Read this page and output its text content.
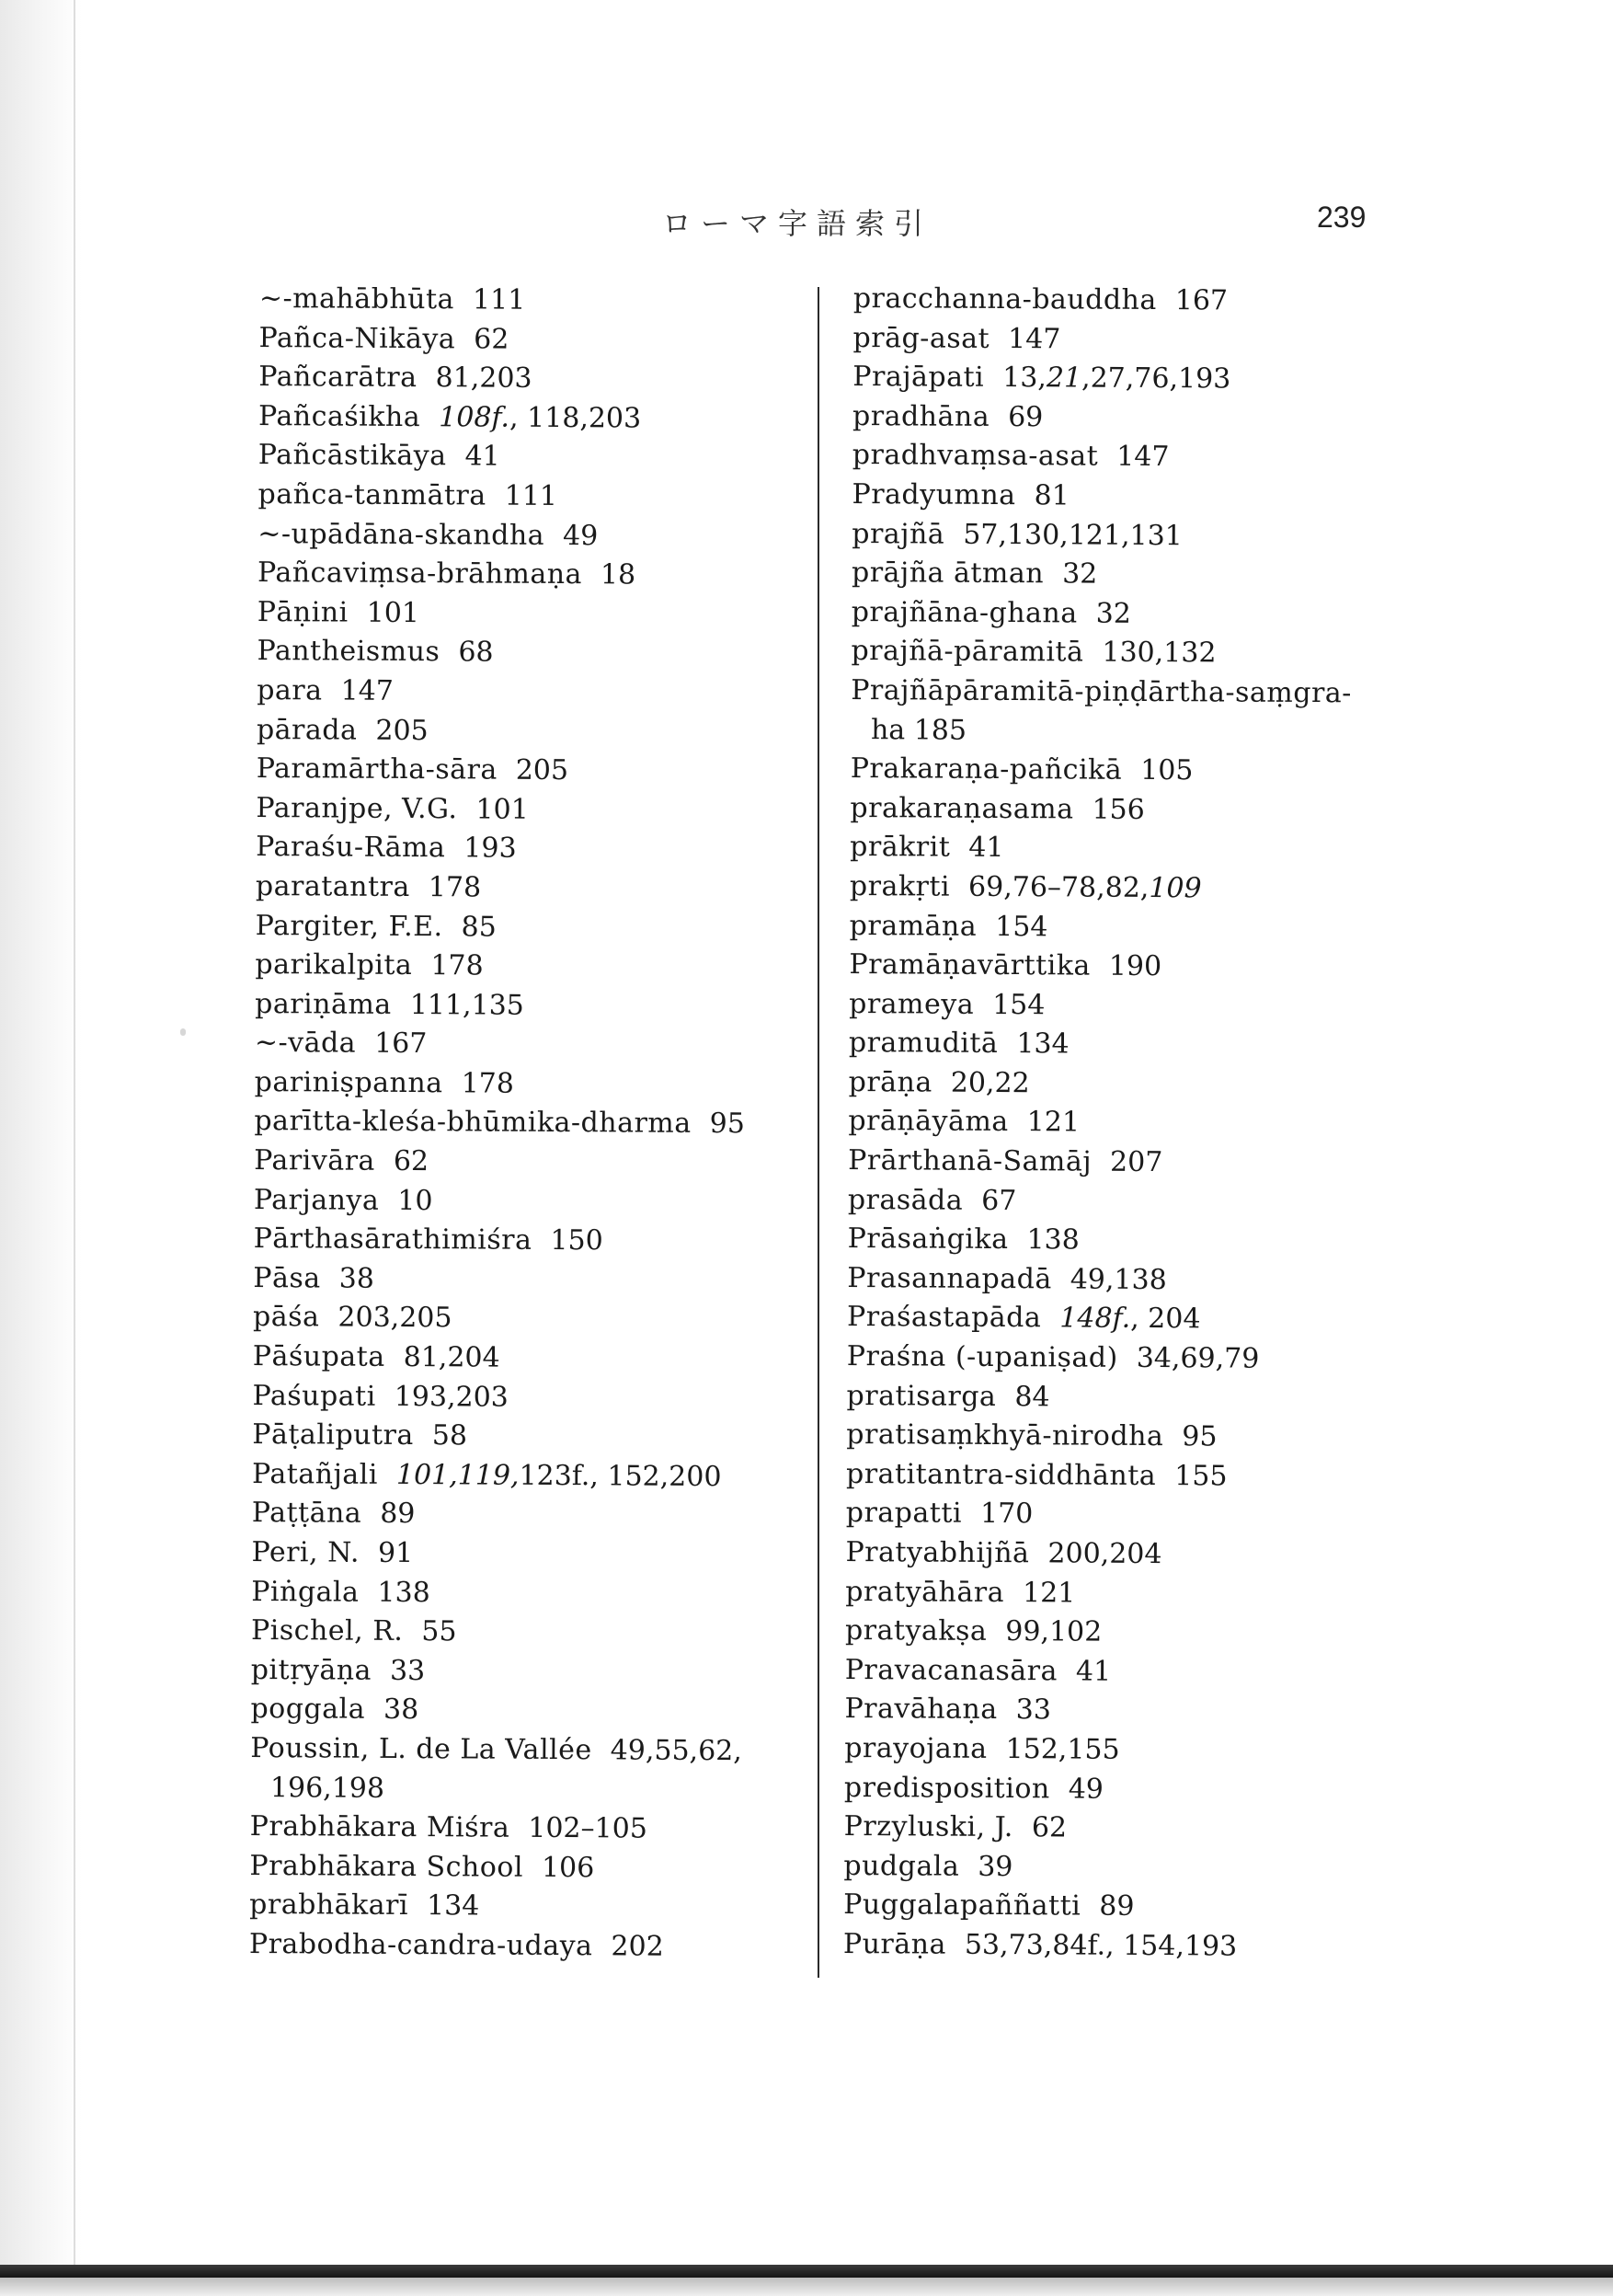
ローマ字語索引	239
~-mahābhūta 111
Pañca-Nikāya 62
Pañcarātra 81,203
Pañcaśikha 108f., 118,203
Pañcāstikāya 41
pañca-tanmātra 111
~-upādāna-skandha 49
Pañcaviṃsa-brāhmaṇa 18
Pāṇini 101
Pantheismus 68
para 147
pārada 205
Paramārtha-sāra 205
Paranjpe, V.G. 101
Paraśu-Rāma 193
paratantra 178
Pargiter, F.E. 85
parikalpita 178
pariṇāma 111,135
~-vāda 167
pariniṣpanna 178
parītta-kleśa-bhūmika-dharma 95
Parivāra 62
Parjanya 10
Pārthasārathimiśra 150
Pāsa 38
pāśa 203,205
Pāśupata 81,204
Paśupati 193,203
Pāṭaliputra 58
Patañjali 101,119,123f., 152,200
Paṭṭāna 89
Peri, N. 91
Piṅgala 138
Pischel, R. 55
pitṛyāṇa 33
poggala 38
Poussin, L. de La Vallée 49,55,62,
196,198
Prabhākara Miśra 102–105
Prabhākara School 106
prabhākarī 134
Prabodha-candra-udaya 202
pracchanna-bauddha 167
prāg-asat 147
Prajāpati 13,21,27,76,193
pradhāna 69
pradhvaṃsa-asat 147
Pradyumna 81
prajñā 57,130,121,131
prājña ātman 32
prajñāna-ghana 32
prajñā-pāramitā 130,132
Prajñāpāramitā-piṇḍārtha-saṃgra-
ha 185
Prakaraṇa-pañcikā 105
prakaraṇasama 156
prākrit 41
prakṛti 69,76–78,82,109
pramāṇa 154
Pramāṇavārttika 190
prameya 154
pramuditā 134
prāṇa 20,22
prāṇāyāma 121
Prārthanā-Samāj 207
prasāda 67
Prāsaṅgika 138
Prasannapadā 49,138
Praśastapāda 148f., 204
Praśna (-upaniṣad) 34,69,79
pratisarga 84
pratisaṃkhyā-nirodha 95
pratitantra-siddhānta 155
prapatti 170
Pratyabhijñā 200,204
pratyāhāra 121
pratyakṣa 99,102
Pravacanasāra 41
Pravāhaṇa 33
prayojana 152,155
predisposition 49
Przyluski, J. 62
pudgala 39
Puggalapaññatti 89
Purāṇa 53,73,84f., 154,193
